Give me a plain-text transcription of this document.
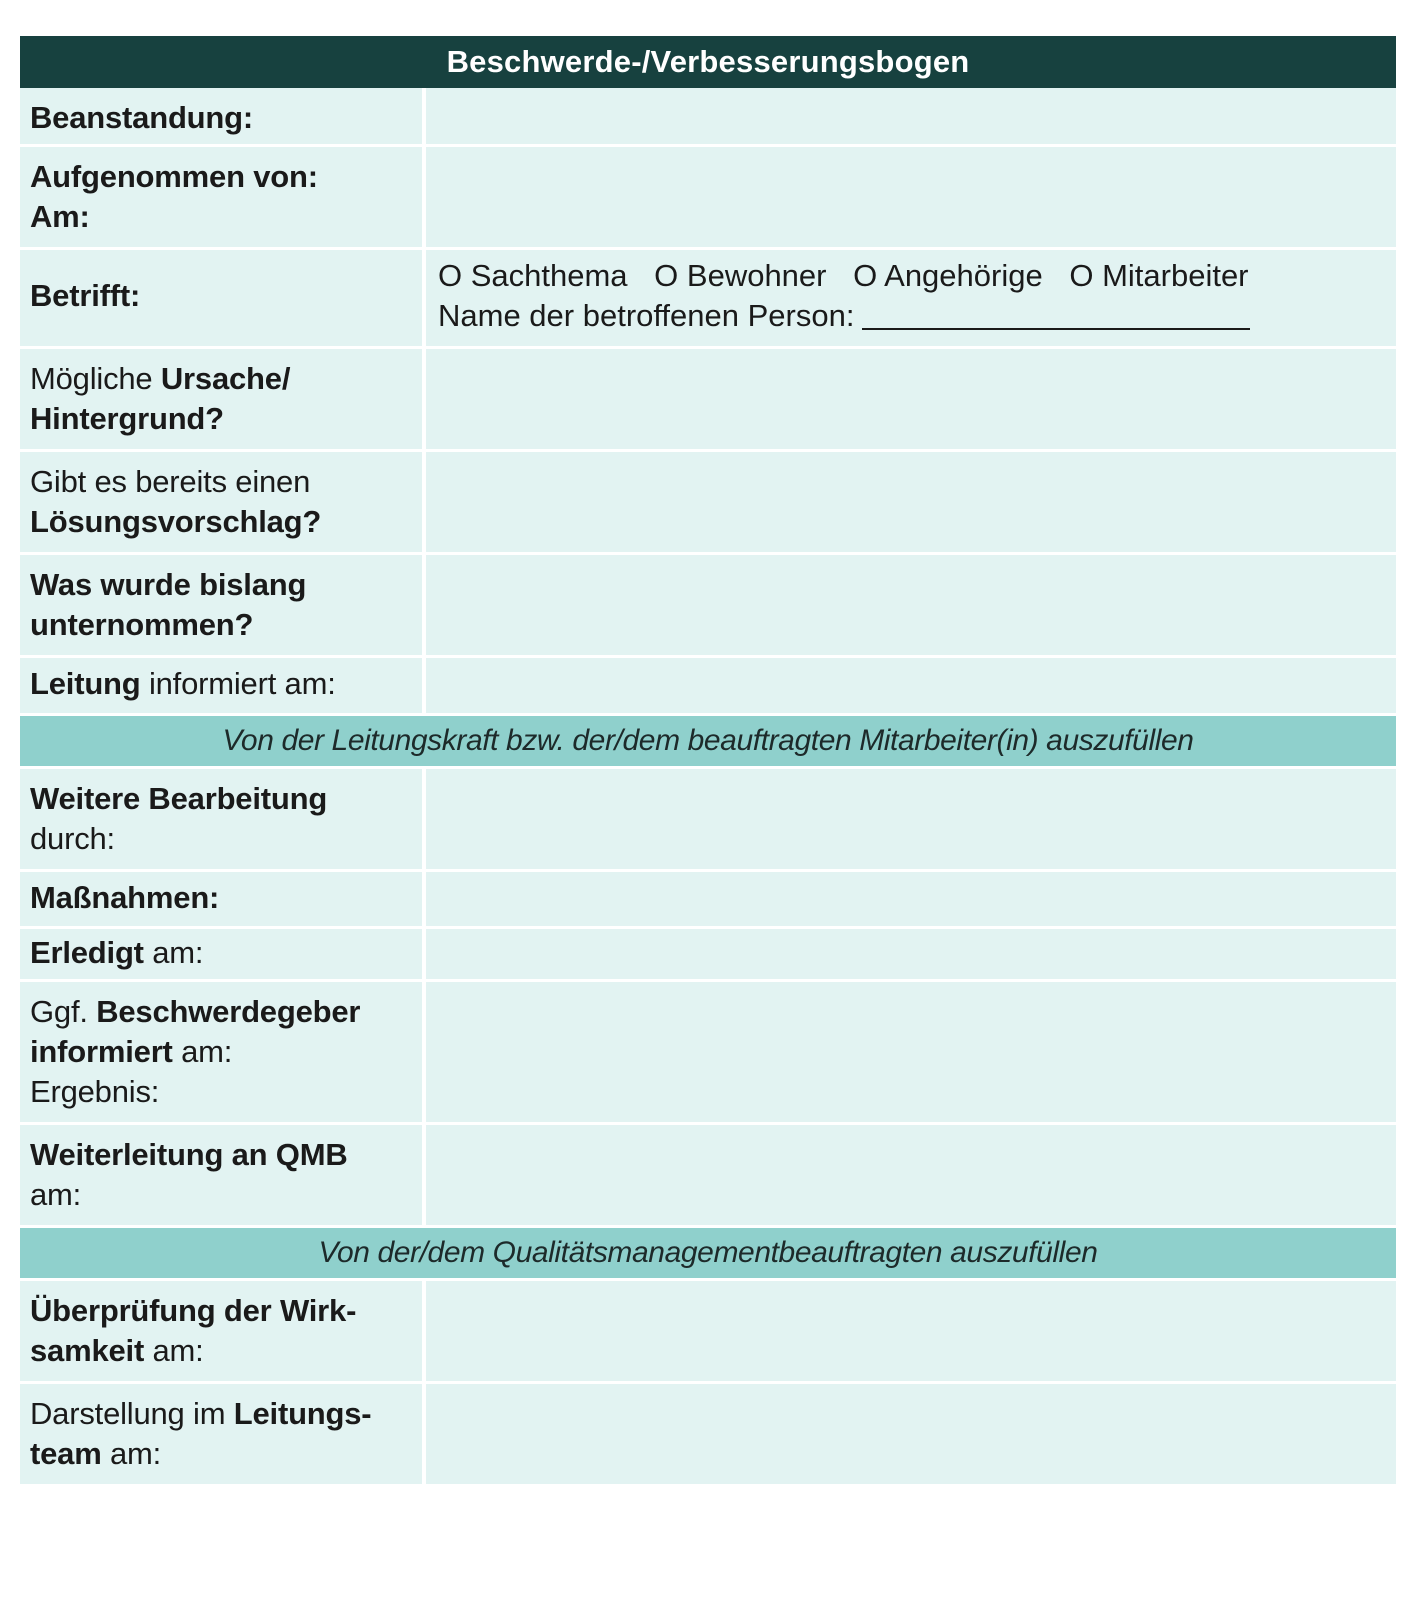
Beschwerde-/Verbesserungsbogen
Beanstandung:
Aufgenommen von:
Am:
Betrifft:
O Sachthema O Bewohner O Angehörige O Mitarbeiter
Name der betroffenen Person:
Mögliche Ursache/
Hintergrund?
Gibt es bereits einen
Lösungsvorschlag?
Was wurde bislang
unternommen?
Leitung informiert am:
Von der Leitungskraft bzw. der/dem beauftragten Mitarbeiter(in) auszufüllen
Weitere Bearbeitung
durch:
Maßnahmen:
Erledigt am:
Ggf. Beschwerdegeber
informiert am:
Ergebnis:
Weiterleitung an QMB
am:
Von der/dem Qualitätsmanagementbeauftragten auszufüllen
Überprüfung der Wirk-
samkeit am:
Darstellung im Leitungs-
team am:
